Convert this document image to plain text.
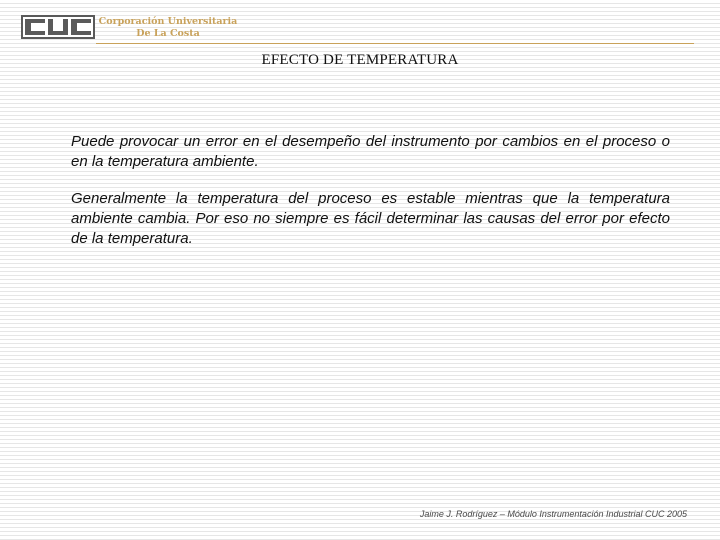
Corporación Universitaria
De La Costa
EFECTO DE TEMPERATURA

Puede provocar un error en el desempeño del instrumento por cambios en el proceso o en la temperatura ambiente.

Generalmente la temperatura del proceso es estable mientras que la temperatura ambiente cambia. Por eso no siempre es fácil determinar las causas del error por efecto de la temperatura.

Jaime J. Rodríguez – Módulo Instrumentación Industrial CUC 2005
